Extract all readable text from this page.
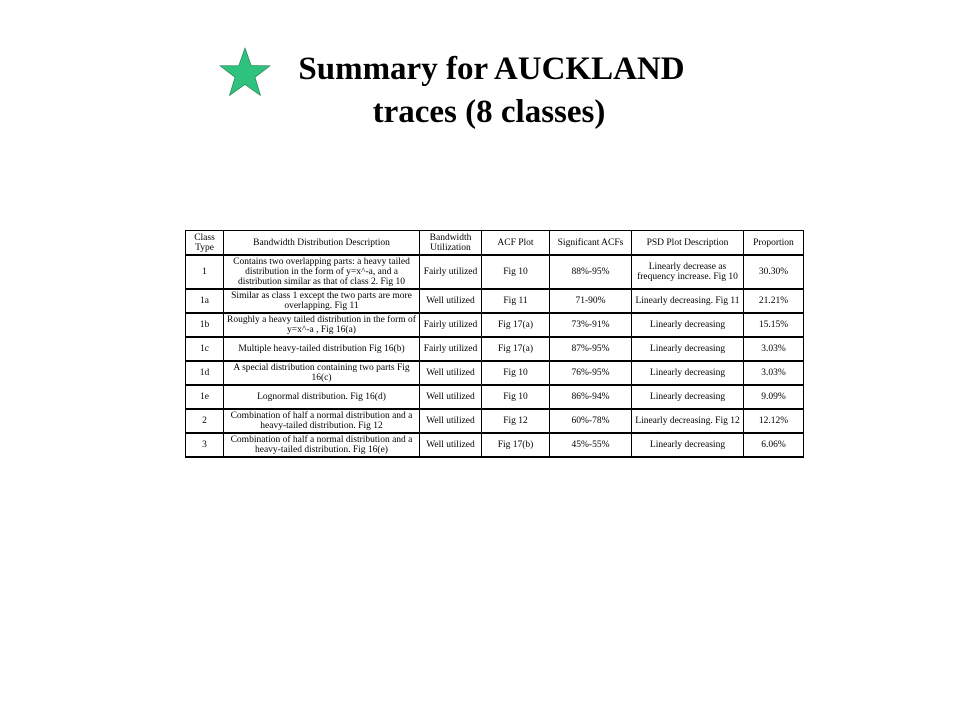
Summary for AUCKLAND
traces (8 classes)
Class Type	Bandwidth Distribution Description	Bandwidth Utilization	ACF Plot	Significant ACFs	PSD Plot Description	Proportion
1	Contains two overlapping parts: a heavy tailed distribution in the form of y=x^-a, and a distribution similar as that of class 2. Fig 10	Fairly utilized	Fig 10	88%-95%	Linearly decrease as frequency increase. Fig 10	30.30%
1a	Similar as class 1 except the two parts are more overlapping. Fig 11	Well utilized	Fig 11	71-90%	Linearly decreasing. Fig 11	21.21%
1b	Roughly a heavy tailed distribution in the form of y=x^-a , Fig 16(a)	Fairly utilized	Fig 17(a)	73%-91%	Linearly decreasing	15.15%
1c	Multiple heavy-tailed distribution Fig 16(b)	Fairly utilized	Fig 17(a)	87%-95%	Linearly decreasing	3.03%
1d	A special distribution containing two parts Fig 16(c)	Well utilized	Fig 10	76%-95%	Linearly decreasing	3.03%
1e	Lognormal distribution. Fig 16(d)	Well utilized	Fig 10	86%-94%	Linearly decreasing	9.09%
2	Combination of half a normal distribution and a heavy-tailed distribution. Fig 12	Well utilized	Fig 12	60%-78%	Linearly decreasing. Fig 12	12.12%
3	Combination of half a normal distribution and a heavy-tailed distribution. Fig 16(e)	Well utilized	Fig 17(b)	45%-55%	Linearly decreasing	6.06%
